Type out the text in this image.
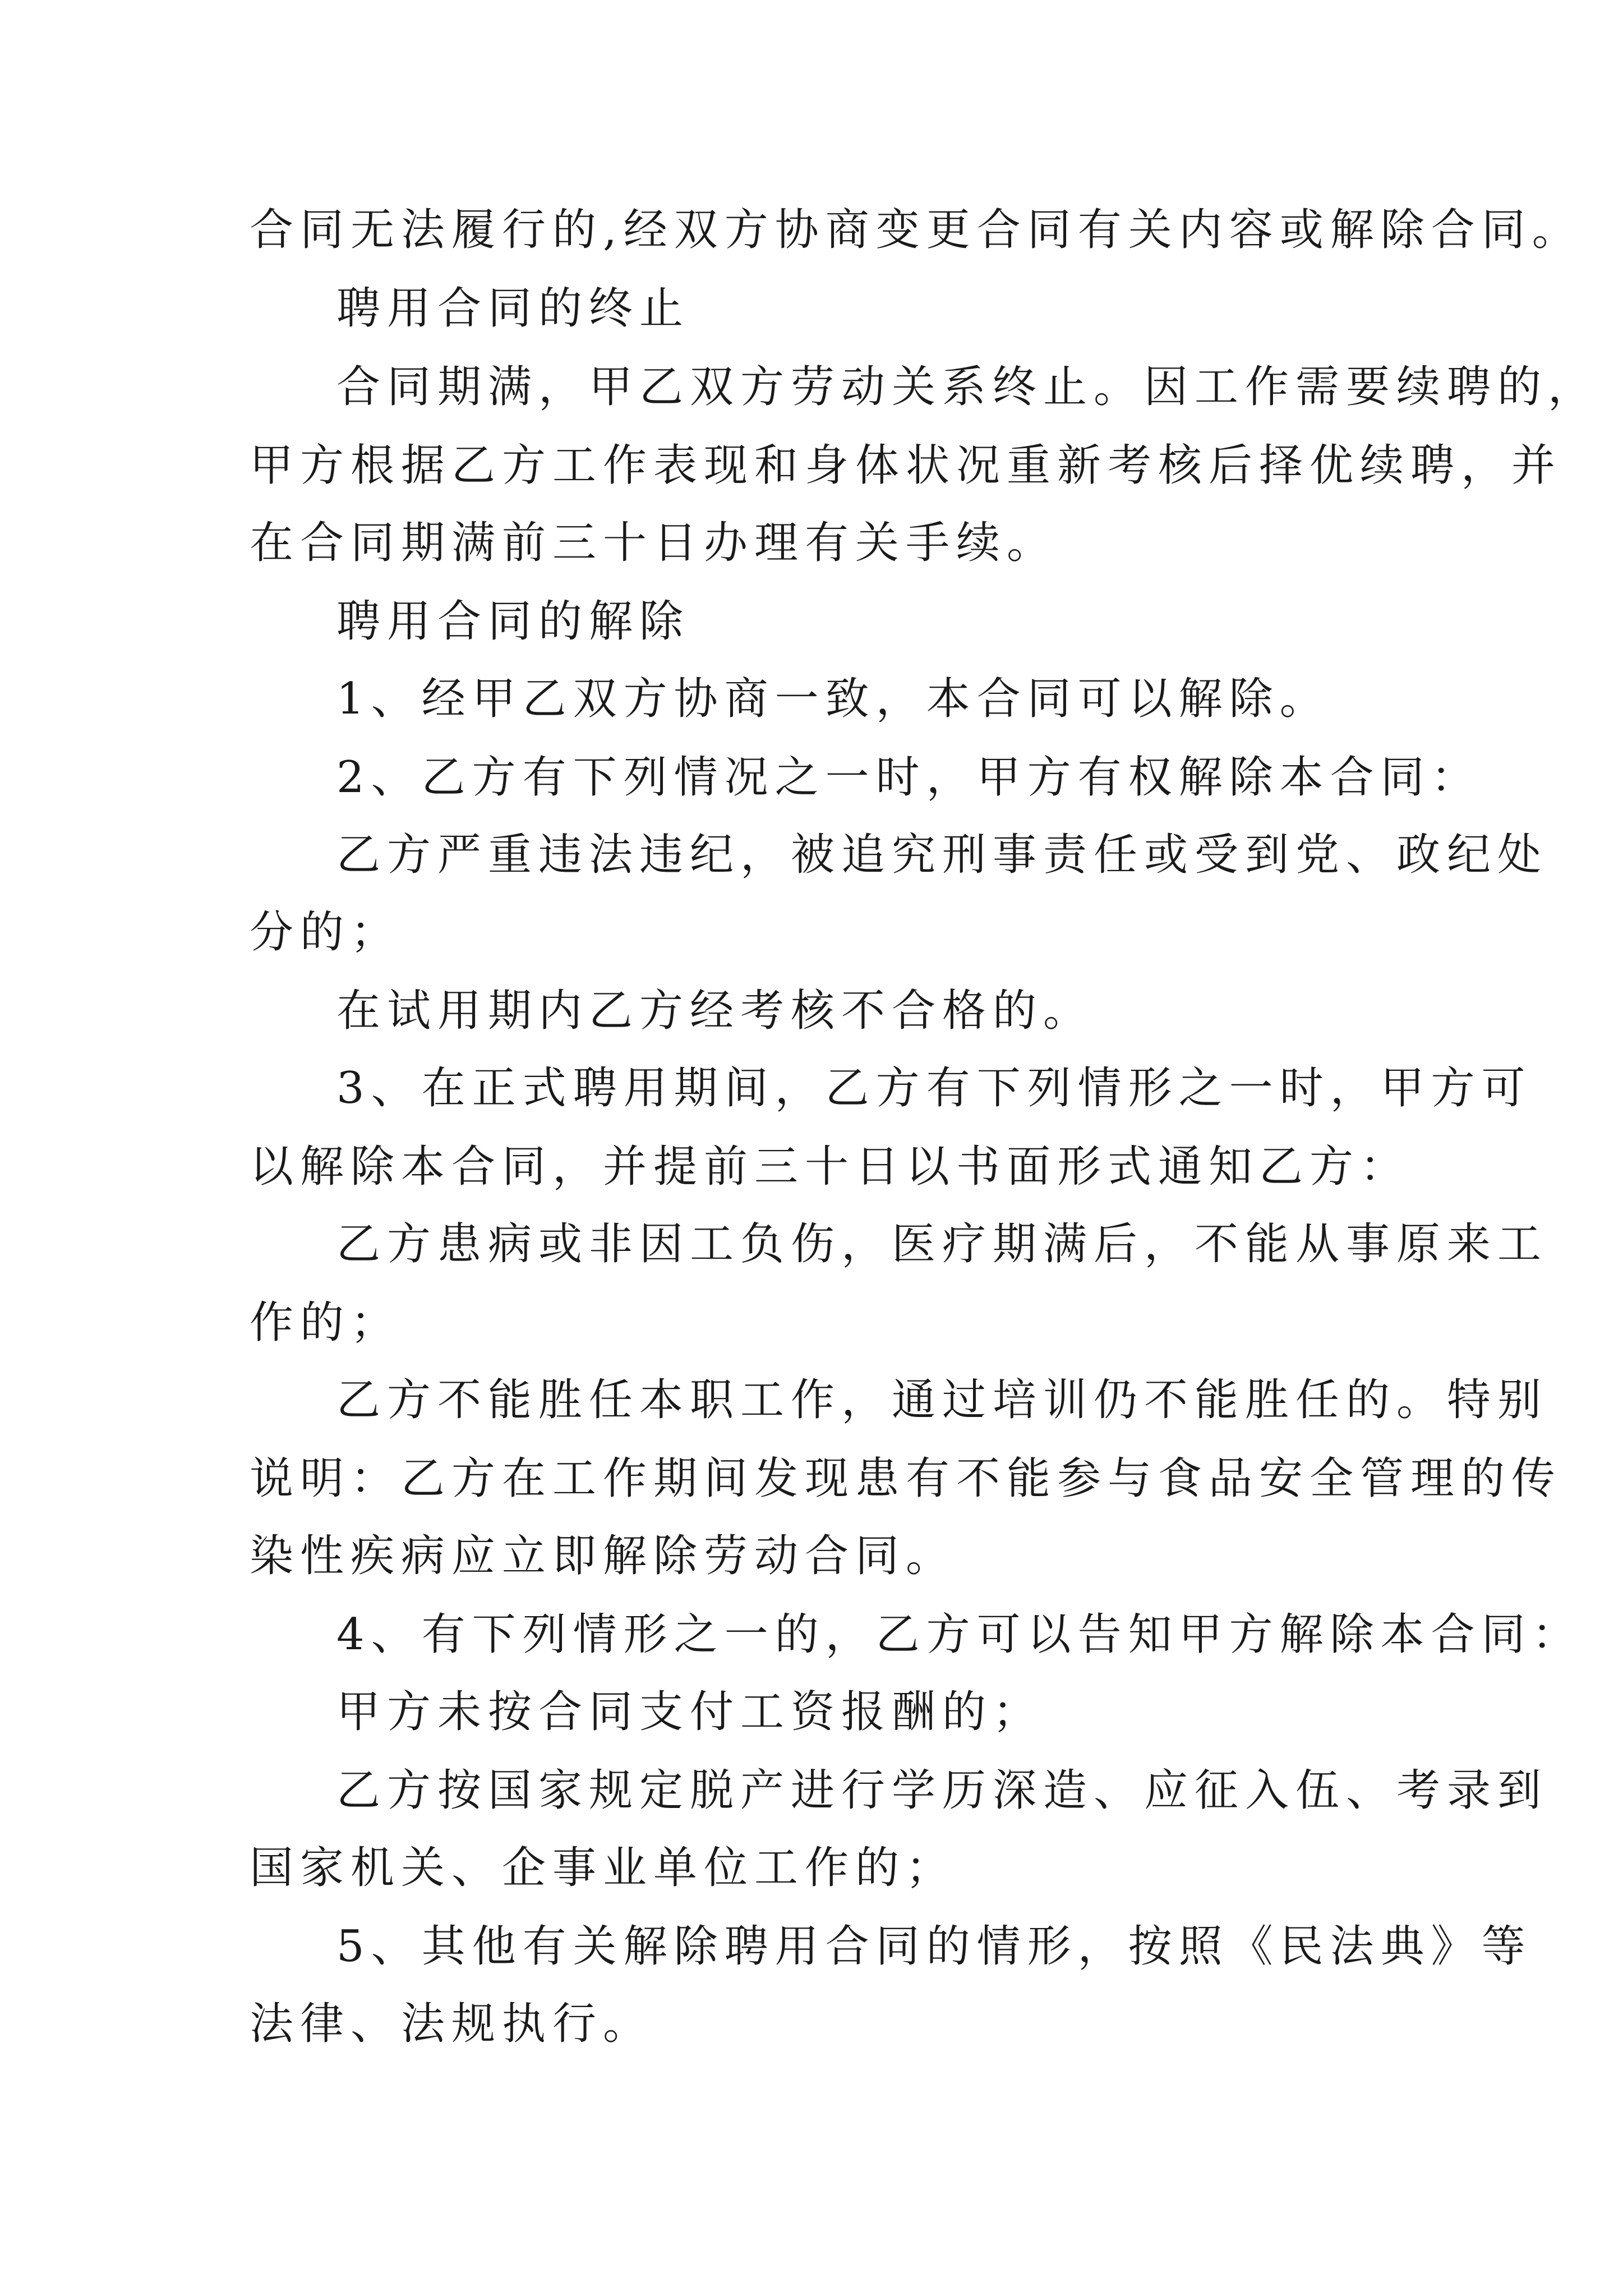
合同无法履行的,经双方协商变更合同有关内容或解除合同。
聘用合同的终止
合同期满，甲乙双方劳动关系终止。因工作需要续聘的，
甲方根据乙方工作表现和身体状况重新考核后择优续聘，并
在合同期满前三十日办理有关手续。
聘用合同的解除
1、经甲乙双方协商一致，本合同可以解除。
2、乙方有下列情况之一时，甲方有权解除本合同：
乙方严重违法违纪，被追究刑事责任或受到党、政纪处
分的；
在试用期内乙方经考核不合格的。
3、在正式聘用期间，乙方有下列情形之一时，甲方可
以解除本合同，并提前三十日以书面形式通知乙方：
乙方患病或非因工负伤，医疗期满后，不能从事原来工
作的；
乙方不能胜任本职工作，通过培训仍不能胜任的。特别
说明：乙方在工作期间发现患有不能参与食品安全管理的传
染性疾病应立即解除劳动合同。
4、有下列情形之一的，乙方可以告知甲方解除本合同：
甲方未按合同支付工资报酬的；
乙方按国家规定脱产进行学历深造、应征入伍、考录到
国家机关、企事业单位工作的；
5、其他有关解除聘用合同的情形，按照《民法典》等
法律、法规执行。
